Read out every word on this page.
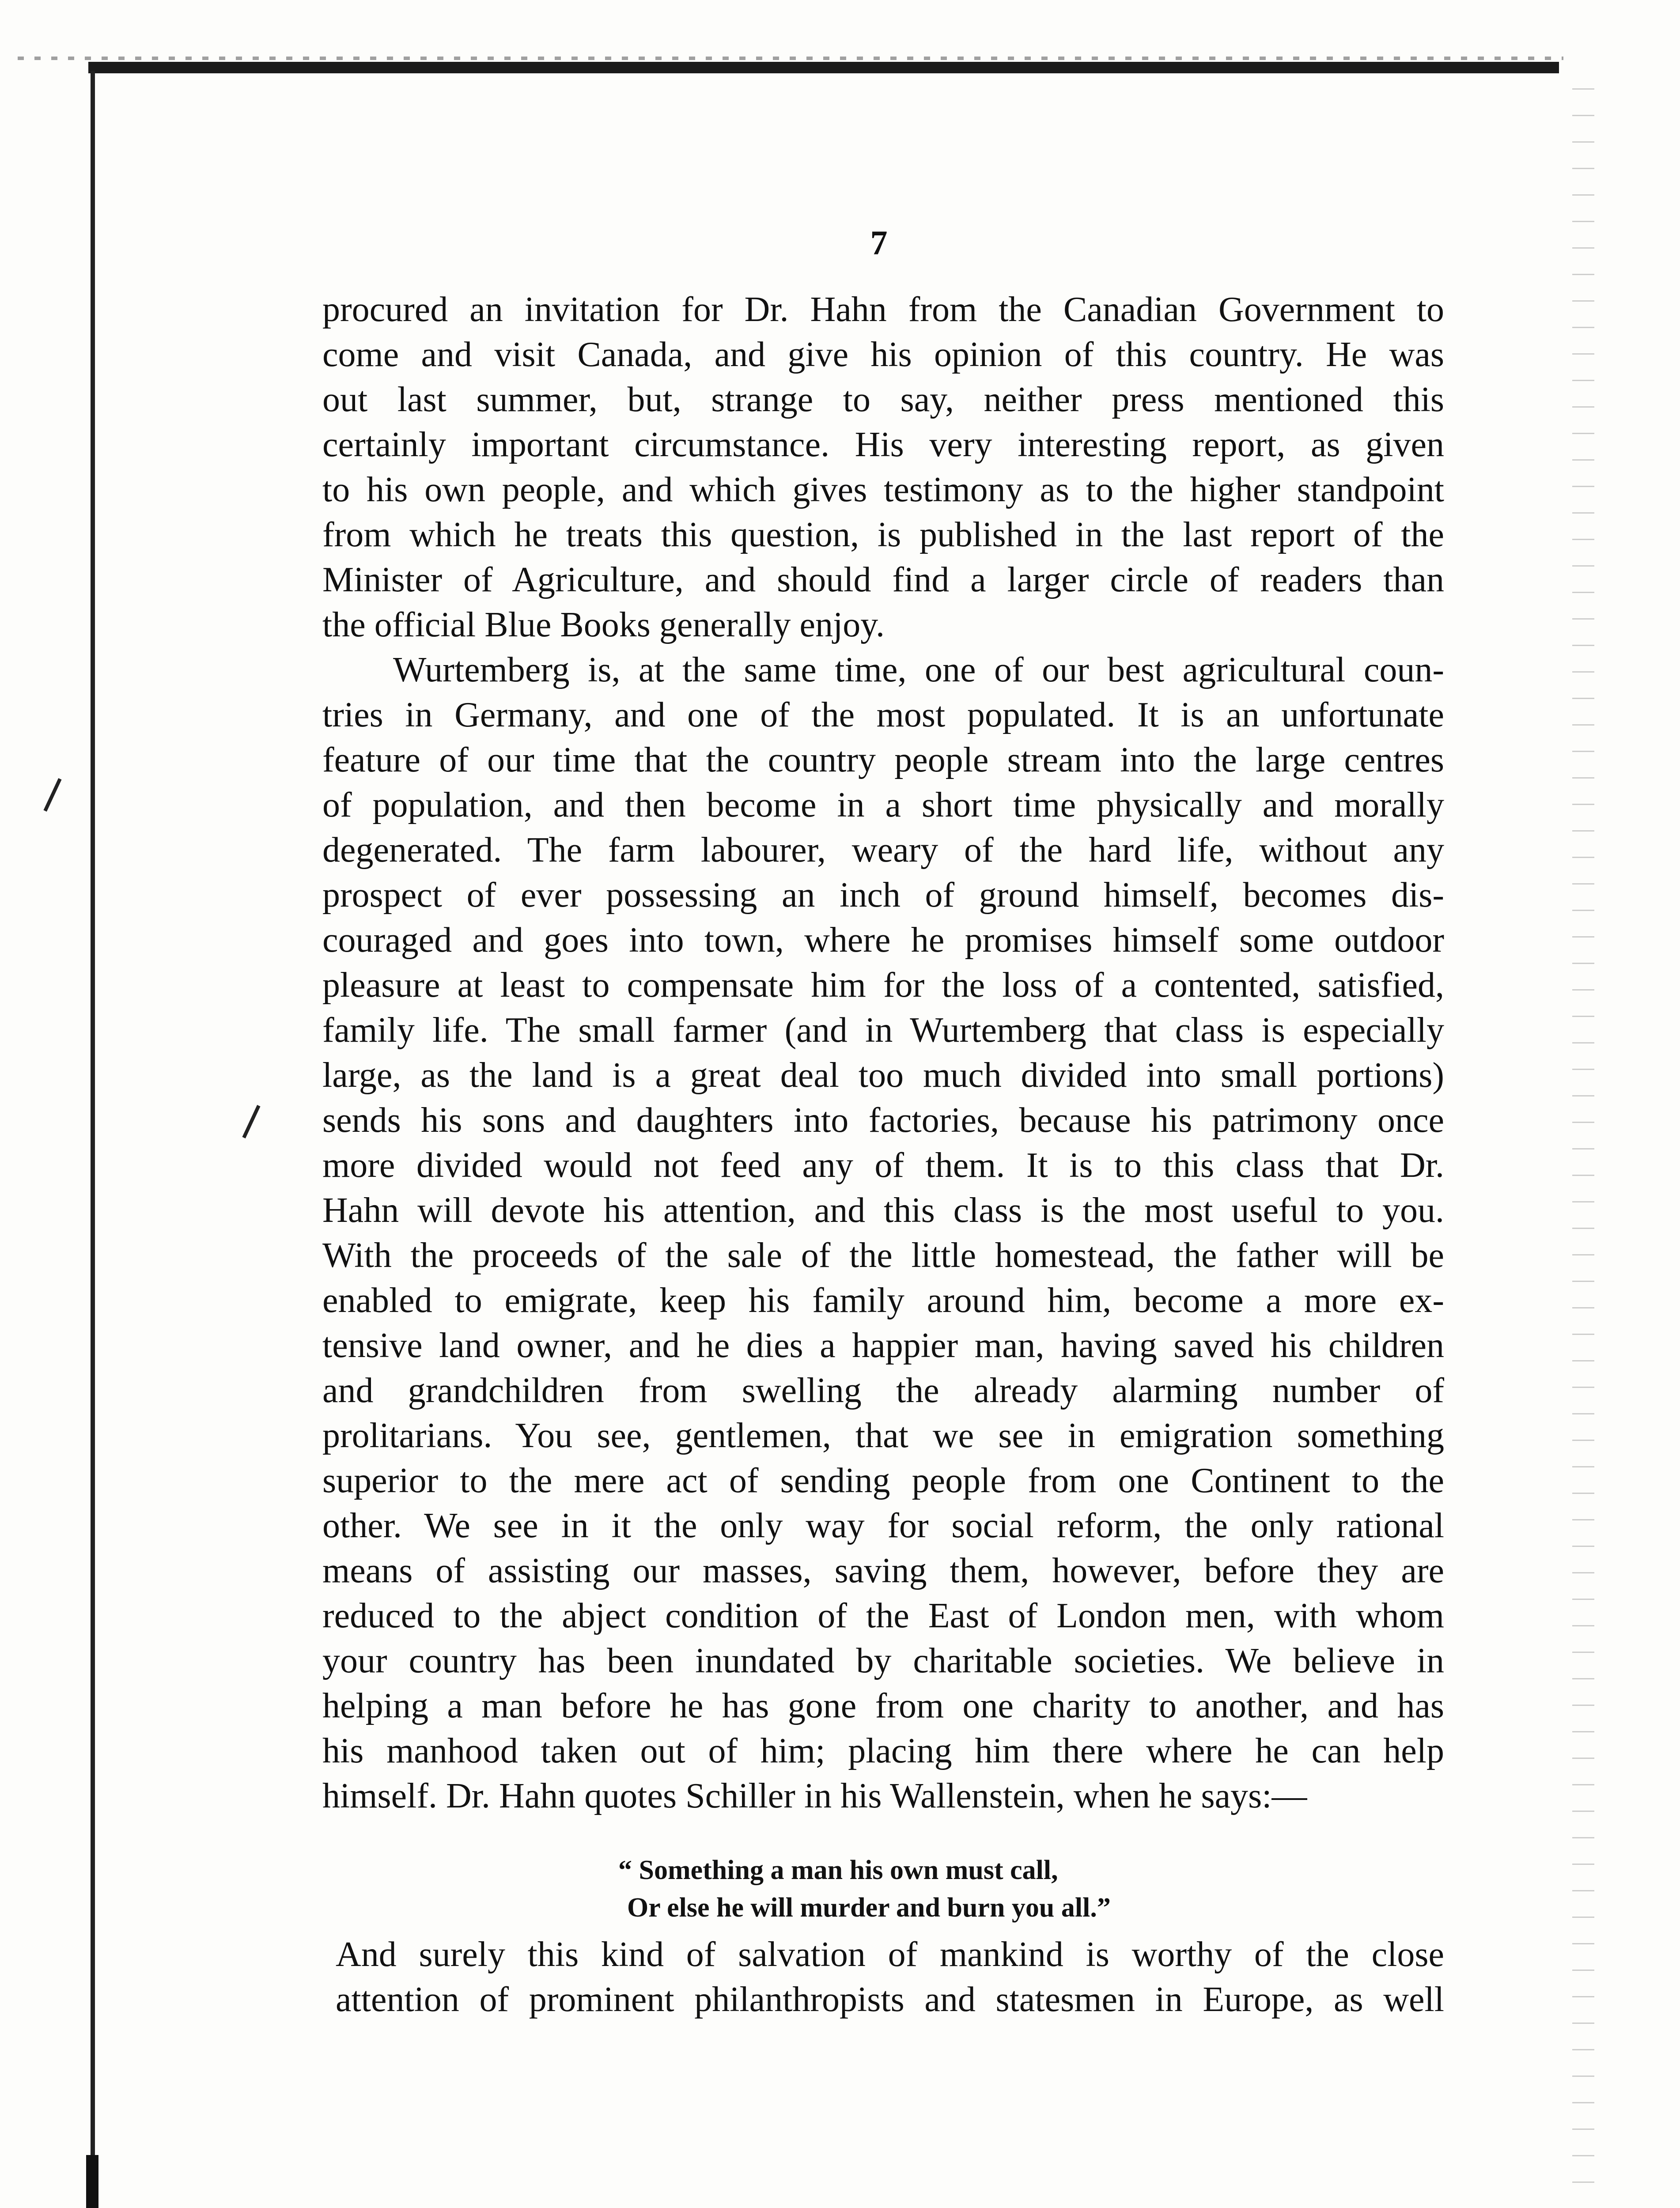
7
procured an invitation for Dr. Hahn from the Canadian Government to
come and visit Canada, and give his opinion of this country. He was
out last summer, but, strange to say, neither press mentioned this
certainly important circumstance. His very interesting report, as given
to his own people, and which gives testimony as to the higher standpoint
from which he treats this question, is published in the last report of the
Minister of Agriculture, and should find a larger circle of readers than
the official Blue Books generally enjoy.
Wurtemberg is, at the same time, one of our best agricultural coun-
tries in Germany, and one of the most populated. It is an unfortunate
feature of our time that the country people stream into the large centres
of population, and then become in a short time physically and morally
degenerated. The farm labourer, weary of the hard life, without any
prospect of ever possessing an inch of ground himself, becomes dis-
couraged and goes into town, where he promises himself some outdoor
pleasure at least to compensate him for the loss of a contented, satisfied,
family life. The small farmer (and in Wurtemberg that class is especially
large, as the land is a great deal too much divided into small portions)
sends his sons and daughters into factories, because his patrimony once
more divided would not feed any of them. It is to this class that Dr.
Hahn will devote his attention, and this class is the most useful to you.
With the proceeds of the sale of the little homestead, the father will be
enabled to emigrate, keep his family around him, become a more ex-
tensive land owner, and he dies a happier man, having saved his children
and grandchildren from swelling the already alarming number of
prolitarians. You see, gentlemen, that we see in emigration something
superior to the mere act of sending people from one Continent to the
other. We see in it the only way for social reform, the only rational
means of assisting our masses, saving them, however, before they are
reduced to the abject condition of the East of London men, with whom
your country has been inundated by charitable societies. We believe in
helping a man before he has gone from one charity to another, and has
his manhood taken out of him; placing him there where he can help
himself. Dr. Hahn quotes Schiller in his Wallenstein, when he says:—
“ Something a man his own must call,
Or else he will murder and burn you all.”
And surely this kind of salvation of mankind is worthy of the close
attention of prominent philanthropists and statesmen in Europe, as well
